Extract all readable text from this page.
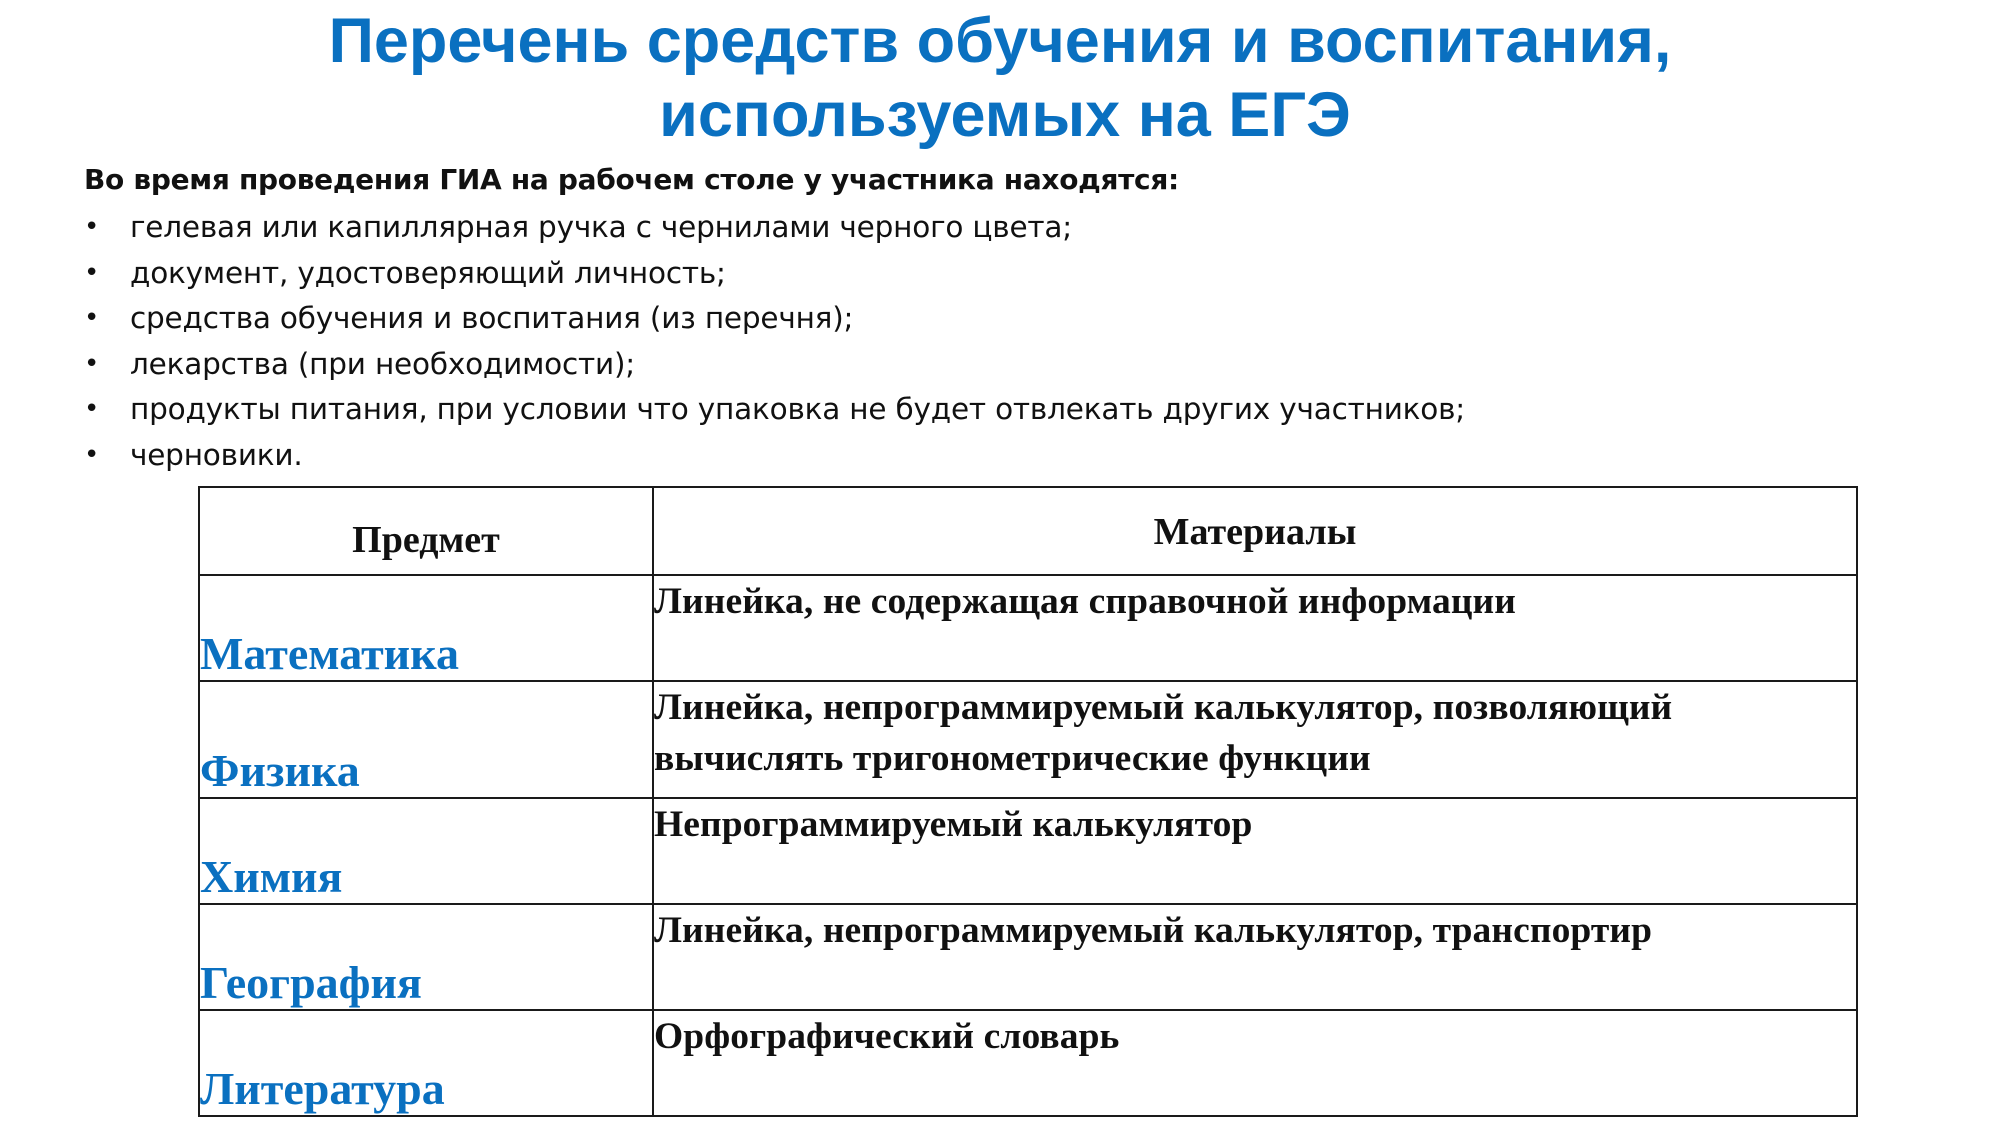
Перечень средств обучения и воспитания,
используемых на ЕГЭ
Во время проведения ГИА на рабочем столе у участника находятся:
• гелевая или капиллярная ручка с чернилами черного цвета;
• документ, удостоверяющий личность;
• средства обучения и воспитания (из перечня);
• лекарства (при необходимости);
• продукты питания, при условии что упаковка не будет отвлекать других участников;
• черновики.
Предмет	Материалы
Математика	Линейка, не содержащая справочной информации
Физика	Линейка, непрограммируемый калькулятор, позволяющий вычислять тригонометрические функции
Химия	Непрограммируемый калькулятор
География	Линейка, непрограммируемый калькулятор, транспортир
Литература	Орфографический словарь
